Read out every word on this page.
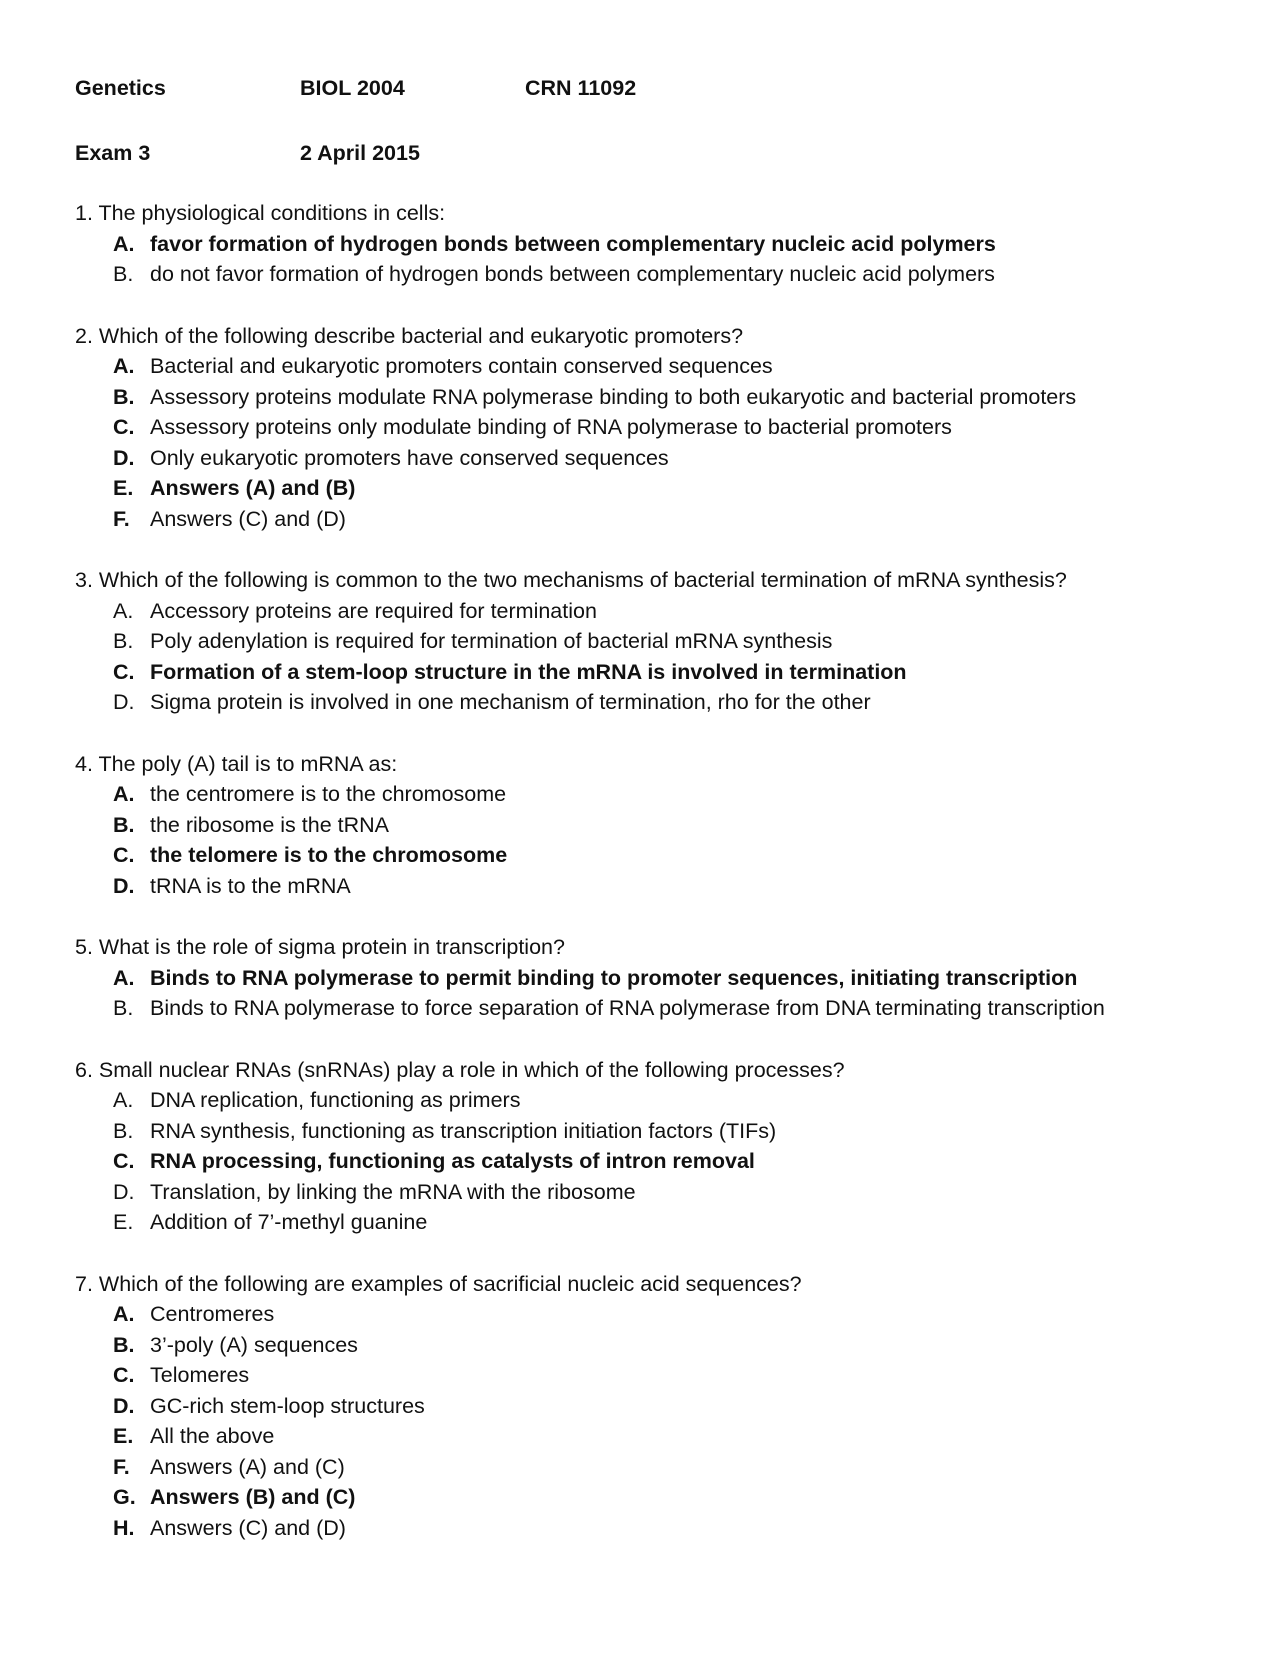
Genetics	BIOL 2004	CRN 11092
Exam 3	2 April 2015
1. The physiological conditions in cells:
A. favor formation of hydrogen bonds between complementary nucleic acid polymers
B. do not favor formation of hydrogen bonds between complementary nucleic acid polymers
2. Which of the following describe bacterial and eukaryotic promoters?
A. Bacterial and eukaryotic promoters contain conserved sequences
B. Assessory proteins modulate RNA polymerase binding to both eukaryotic and bacterial promoters
C. Assessory proteins only modulate binding of RNA polymerase to bacterial promoters
D. Only eukaryotic promoters have conserved sequences
E. Answers (A) and (B)
F. Answers (C) and (D)
3. Which of the following is common to the two mechanisms of bacterial termination of mRNA synthesis?
A. Accessory proteins are required for termination
B. Poly adenylation is required for termination of bacterial mRNA synthesis
C. Formation of a stem-loop structure in the mRNA is involved in termination
D. Sigma protein is involved in one mechanism of termination, rho for the other
4. The poly (A) tail is to mRNA as:
A. the centromere is to the chromosome
B. the ribosome is the tRNA
C. the telomere is to the chromosome
D. tRNA is to the mRNA
5. What is the role of sigma protein in transcription?
A. Binds to RNA polymerase to permit binding to promoter sequences, initiating transcription
B. Binds to RNA polymerase to force separation of RNA polymerase from DNA terminating transcription
6. Small nuclear RNAs (snRNAs) play a role in which of the following processes?
A. DNA replication, functioning as primers
B. RNA synthesis, functioning as transcription initiation factors (TIFs)
C. RNA processing, functioning as catalysts of intron removal
D. Translation, by linking the mRNA with the ribosome
E. Addition of 7’-methyl guanine
7. Which of the following are examples of sacrificial nucleic acid sequences?
A. Centromeres
B. 3’-poly (A) sequences
C. Telomeres
D. GC-rich stem-loop structures
E. All the above
F. Answers (A) and (C)
G. Answers (B) and (C)
H. Answers (C) and (D)
